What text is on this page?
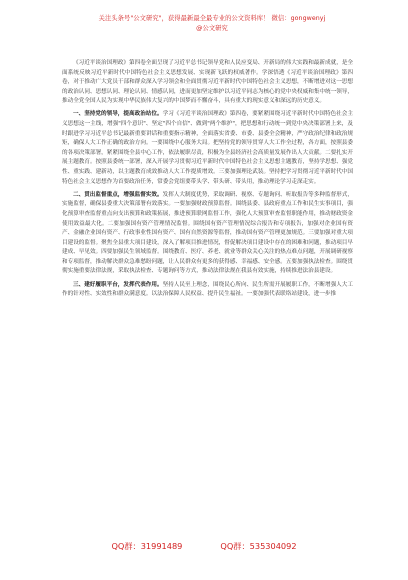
关注头条号"公文研究"，获得最新最全最专业的公文资料库！ 微信：gongwenyj
@公文研究

《习近平谈治国理政》第四卷全面呈现了习近平总书记领导党和人民应变局、开新局的伟大实践和最新成就，是全面系统反映习近平新时代中国特色社会主义思想发展、实现新飞跃的权威著作。学深悟透《习近平谈治国理政》第四卷，对于推动广大党员干部和群众深入学习领会和全面贯彻习近平新时代中国特色社会主义思想，不断增进对这一思想的政治认同、思想认同、理论认同、情感认同，进而更加坚定维护以习近平同志为核心的党中央权威和集中统一领导，推动全党全国人民为实现中华民族伟大复兴的中国梦而不懈奋斗，具有重大的现实意义和深远的历史意义。

一、坚持党的领导，提高政治站位。学习《习近平谈治国理政》第四卷，要紧紧围绕习近平新时代中国特色社会主义思想这一主线，增强"四个意识"、坚定"四个自信"、做到"两个维护"，把思想和行动统一到党中央决策部署上来，及时跟进学习习近平总书记最新重要讲话和重要指示精神，全面落实省委、市委、县委全会精神，严守政治纪律和政治规矩，确保人大工作正确的政治方向。一要围绕中心服务大局。把坚持党的领导贯穿人大工作全过程，各方面，按照县委的各项决策部署，紧紧围绕全县中心工作，依法履职尽责，积极为全县经济社会高质量发展作出人大贡献。二要扎实开展主题教育。按照县委统一部署，深入开展学习贯彻习近平新时代中国特色社会主义思想主题教育，坚持学思想、强党性、重实践、建新功，以主题教育成效推动人大工作提质增效。三要加强理论武装。坚持把学习贯彻习近平新时代中国特色社会主义思想作为首要政治任务，常委会党组要带头学、带头研、带头用，推动理论学习走深走实。

二、贯出监督重点，增强监督实效。发挥人大制度优势，采取调研、视察、专题询问、听取报告等多种监督形式，实施监督，确保县委重大决策部署有效落实。一要加强财政预算监督。围绕县委、县政府重点工作和民生实事项目，强化预算审查监督重点向支出预算和政策拓展，推进预算联网监督工作，强化人大预算审查监督职能作用，推动财政资金使用效益最大化。二要加强国有资产管理情况监督。围绕国有资产管理情况综合报告和专项报告，加强对企业国有资产、金融企业国有资产、行政事业性国有资产、国有自然资源等监督，推动国有资产管理更加规范。三要加强对重大项目建设的监督。聚焦全县重大项目建设，深入了解项目推进情况，督促解决项目建设中存在的困难和问题，推动项目早建成、早见效。四要加强民生领域监督。围绕教育、医疗、养老、就业等群众关心关注的热点难点问题，开展调研视察和专项监督，推动解决群众急难愁盼问题，让人民群众有更多的获得感、幸福感、安全感。五要加强执法检查。围绕贯彻实施重要法律法规，采取执法检查、专题询问等方式，推动法律法规在我县有效实施，持续推进法治县建设。

三、建好履职平台，发挥代表作用。坚持人民至上理念，围绕民心所向、民生所需开展履职工作，不断增强人大工作的针对性、实效性和群众满意度。以法治保障人民权益、提升民生福祉。一要加强代表联络站建设，进一步推

QQ群：31991489	QQ群：535304092
